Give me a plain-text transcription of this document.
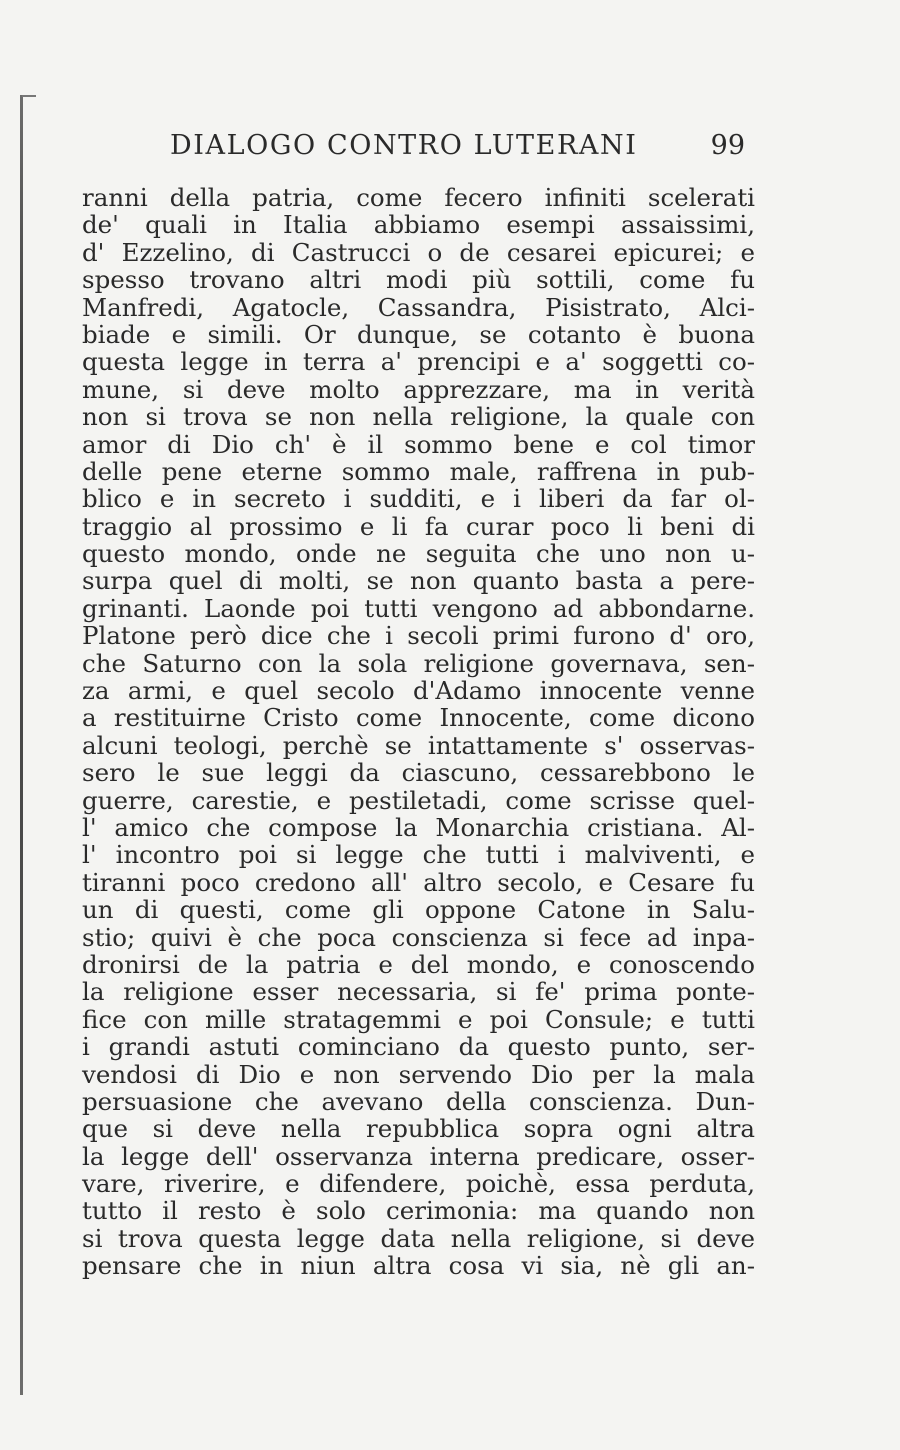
DIALOGO CONTRO LUTERANI	99
ranni della patria, come fecero infiniti scelerati
de' quali in Italia abbiamo esempi assaissimi,
d' Ezzelino, di Castrucci o de cesarei epicurei; e
spesso trovano altri modi più sottili, come fu
Manfredi, Agatocle, Cassandra, Pisistrato, Alci-
biade e simili. Or dunque, se cotanto è buona
questa legge in terra a' prencipi e a' soggetti co-
mune, si deve molto apprezzare, ma in verità
non si trova se non nella religione, la quale con
amor di Dio ch' è il sommo bene e col timor
delle pene eterne sommo male, raffrena in pub-
blico e in secreto i sudditi, e i liberi da far ol-
traggio al prossimo e li fa curar poco li beni di
questo mondo, onde ne seguita che uno non u-
surpa quel di molti, se non quanto basta a pere-
grinanti. Laonde poi tutti vengono ad abbondarne.
Platone però dice che i secoli primi furono d' oro,
che Saturno con la sola religione governava, sen-
za armi, e quel secolo d'Adamo innocente venne
a restituirne Cristo come Innocente, come dicono
alcuni teologi, perchè se intattamente s' osservas-
sero le sue leggi da ciascuno, cessarebbono le
guerre, carestie, e pestiletadi, come scrisse quel-
l' amico che compose la Monarchia cristiana. Al-
l' incontro poi si legge che tutti i malviventi, e
tiranni poco credono all' altro secolo, e Cesare fu
un di questi, come gli oppone Catone in Salu-
stio; quivi è che poca conscienza si fece ad inpa-
dronirsi de la patria e del mondo, e conoscendo
la religione esser necessaria, si fe' prima ponte-
fice con mille stratagemmi e poi Consule; e tutti
i grandi astuti cominciano da questo punto, ser-
vendosi di Dio e non servendo Dio per la mala
persuasione che avevano della conscienza. Dun-
que si deve nella repubblica sopra ogni altra
la legge dell' osservanza interna predicare, osser-
vare, riverire, e difendere, poichè, essa perduta,
tutto il resto è solo cerimonia: ma quando non
si trova questa legge data nella religione, si deve
pensare che in niun altra cosa vi sia, nè gli an-
